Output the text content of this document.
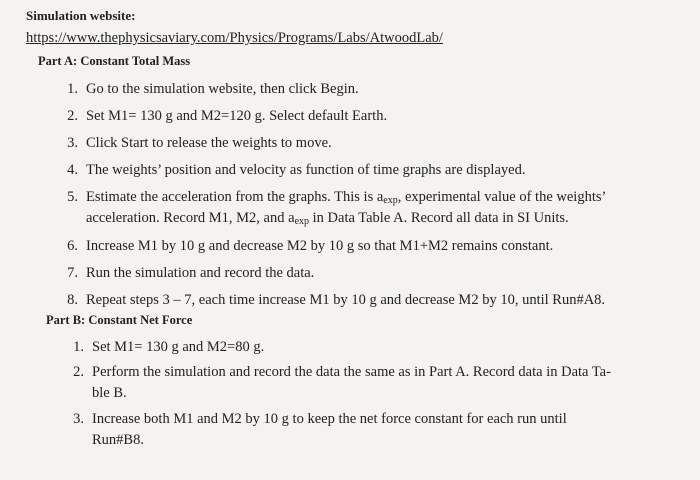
Simulation website:
https://www.thephysicsaviary.com/Physics/Programs/Labs/AtwoodLab/
Part A: Constant Total Mass
1. Go to the simulation website, then click Begin.
2. Set M1= 130 g and M2=120 g. Select default Earth.
3. Click Start to release the weights to move.
4. The weights’ position and velocity as function of time graphs are displayed.
5. Estimate the acceleration from the graphs. This is $a_{exp}$, experimental value of the weights’
acceleration. Record M1, M2, and $a_{exp}$ in Data Table A. Record all data in SI Units.
6. Increase M1 by 10 g and decrease M2 by 10 g so that M1+M2 remains constant.
7. Run the simulation and record the data.
8. Repeat steps 3 – 7, each time increase M1 by 10 g and decrease M2 by 10, until Run#A8.
Part B: Constant Net Force
1. Set M1= 130 g and M2=80 g.
2. Perform the simulation and record the data the same as in Part A. Record data in Data Ta-
ble B.
3. Increase both M1 and M2 by 10 g to keep the net force constant for each run until
Run#B8.
